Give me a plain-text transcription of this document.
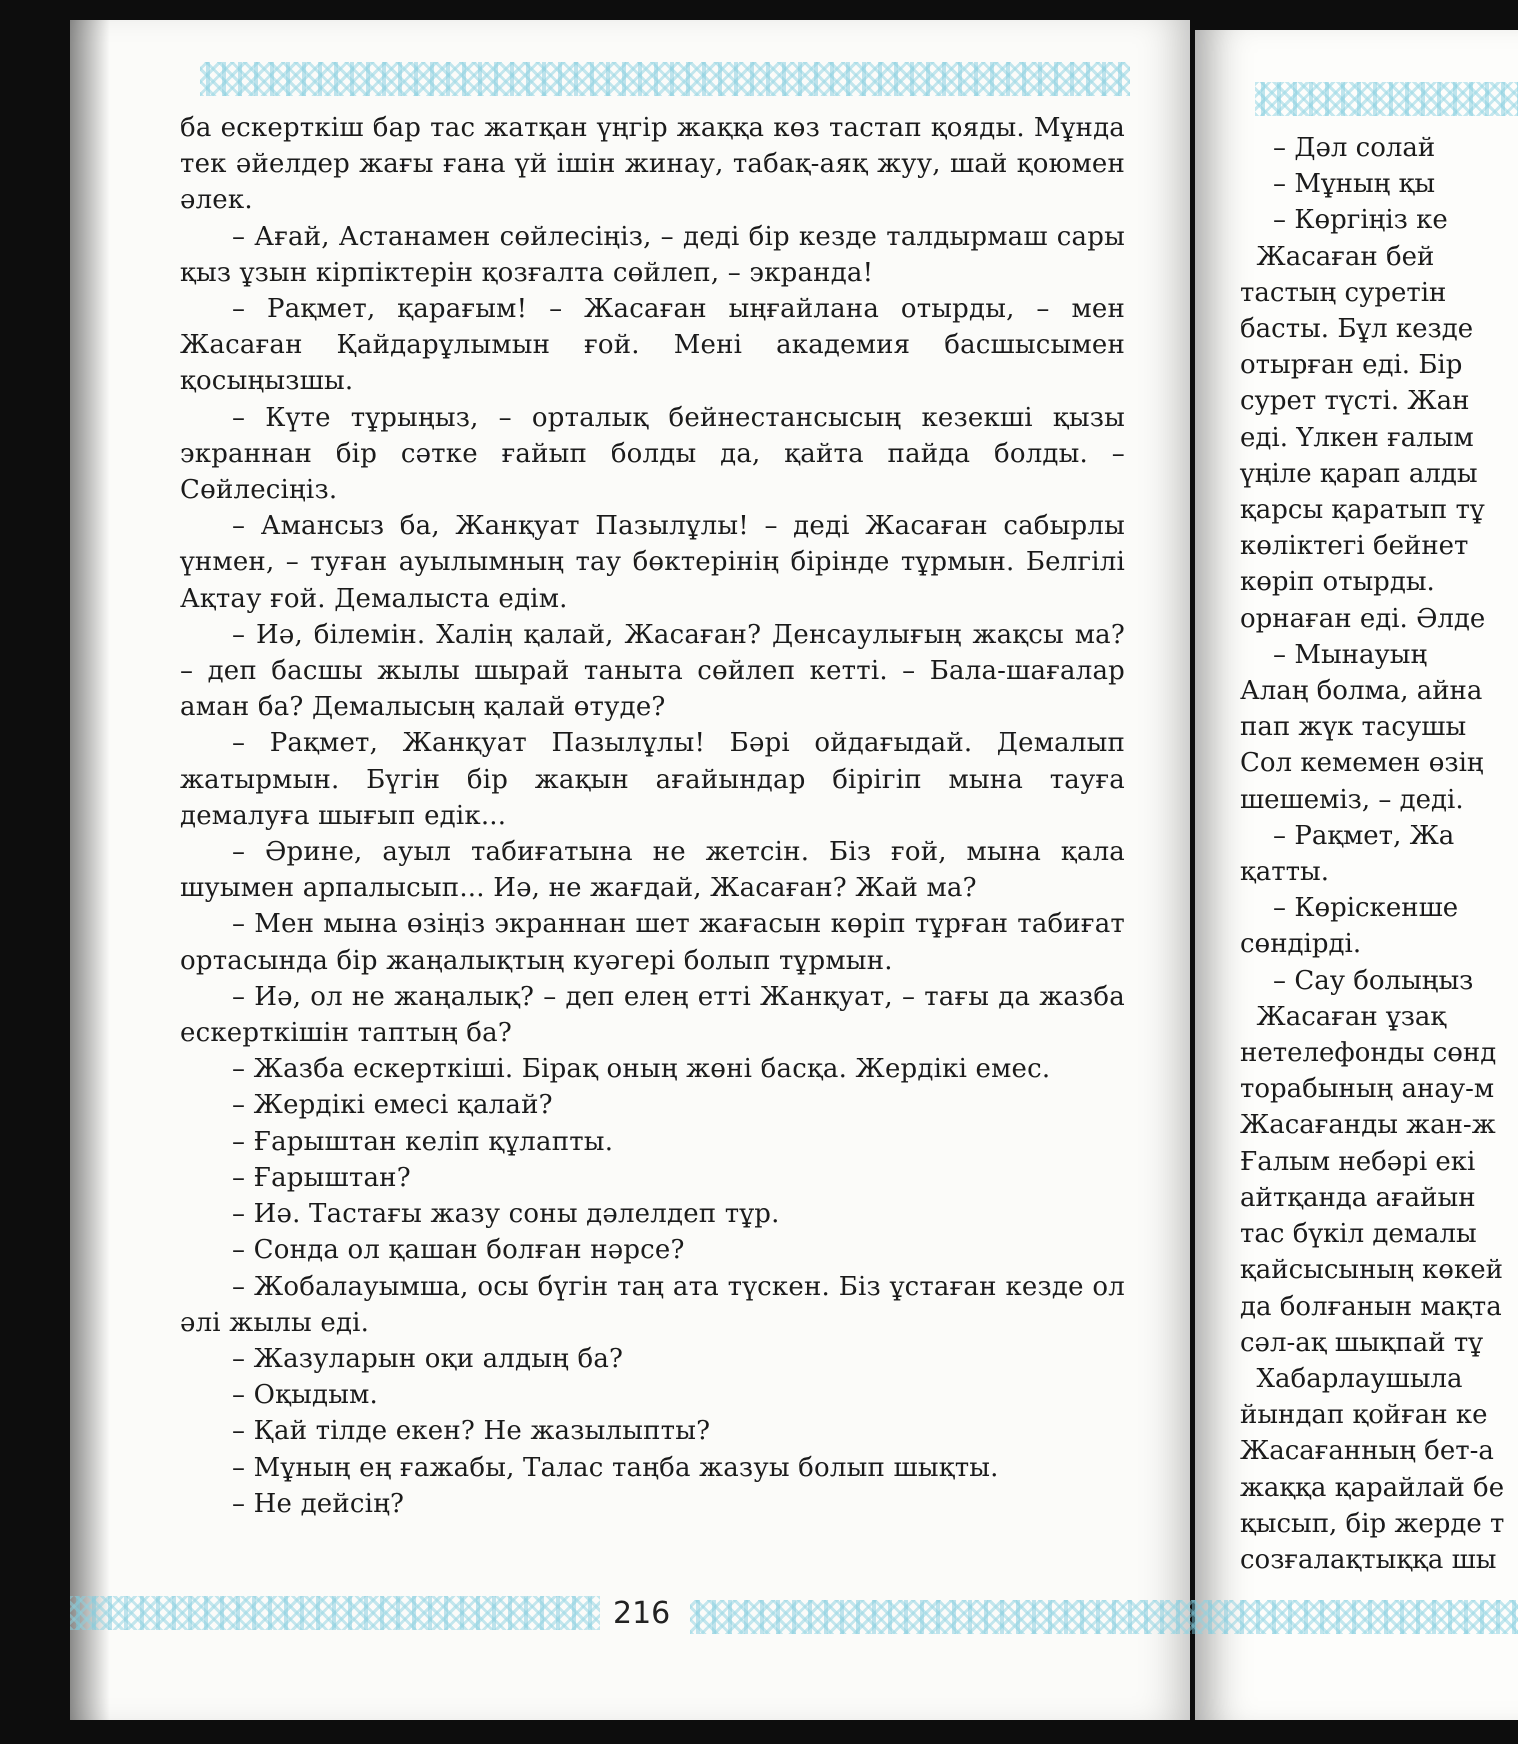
ба ескерткіш бар тас жатқан үңгір жаққа көз тастап қояды. Мұнда тек әйелдер жағы ғана үй ішін жинау, табақ-аяқ жуу, шай қоюмен әлек.

– Ағай, Астанамен сөйлесіңіз, – деді бір кезде талдырмаш сары қыз ұзын кірпіктерін қозғалта сөйлеп, – экранда!

– Рақмет, қарағым! – Жасаған ыңғайлана отырды, – мен Жасаған Қайдарұлымын ғой. Мені академия басшысымен қосыңызшы.

– Күте тұрыңыз, – орталық бейнестансысың кезекші қызы экраннан бір сәтке ғайып болды да, қайта пайда болды. – Сөйлесіңіз.

– Амансыз ба, Жанқуат Пазылұлы! – деді Жасаған сабырлы үнмен, – туған ауылымның тау бөктерінің бірінде тұрмын. Белгілі Ақтау ғой. Демалыста едім.

– Иә, білемін. Халің қалай, Жасаған? Денсаулығың жақсы ма? – деп басшы жылы шырай таныта сөйлеп кетті. – Бала-шағалар аман ба? Демалысың қалай өтуде?

– Рақмет, Жанқуат Пазылұлы! Бәрі ойдағыдай. Демалып жатырмын. Бүгін бір жақын ағайындар бірігіп мына тауға демалуға шығып едік...

– Әрине, ауыл табиғатына не жетсін. Біз ғой, мына қала шуымен арпалысып... Иә, не жағдай, Жасаған? Жай ма?

– Мен мына өзіңіз экраннан шет жағасын көріп тұрған табиғат ортасында бір жаңалықтың куәгері болып тұрмын.

– Иә, ол не жаңалық? – деп елең етті Жанқуат, – тағы да жазба ескерткішін таптың ба?

– Жазба ескерткіші. Бірақ оның жөні басқа. Жердікі емес.

– Жердікі емесі қалай?

– Ғарыштан келіп құлапты.

– Ғарыштан?

– Иә. Тастағы жазу соны дәлелдеп тұр.

– Сонда ол қашан болған нәрсе?

– Жобалауымша, осы бүгін таң ата түскен. Біз ұстаған кезде ол әлі жылы еді.

– Жазуларын оқи алдың ба?

– Оқыдым.

– Қай тілде екен? Не жазылыпты?

– Мұның ең ғажабы, Талас таңба жазуы болып шықты.

– Не дейсің?

– Дәл солай

– Мұның қы

– Көргіңіз ке

Жасаған бей

тастың суретін

басты. Бұл кезде

отырған еді. Бір

сурет түсті. Жан

еді. Үлкен ғалым

үңіле қарап алды

қарсы қаратып тұ

көліктегі бейнет

көріп отырды.

орнаған еді. Әлде

– Мынауың

Алаң болма, айна

пап жүк тасушы

Сол кемемен өзің

шешеміз, – деді.

– Рақмет, Жа

қатты.

– Көріскенше

сөндірді.

– Сау болыңыз

Жасаған ұзақ

нетелефонды сөнд

торабының анау-м

Жасағанды жан-ж

Ғалым небәрі екі

айтқанда ағайын

тас бүкіл демалы

қайсысының көкей

да болғанын мақта

сәл-ақ шықпай тұ

Хабарлаушыла

йындап қойған ке

Жасағанның бет-а

жаққа қарайлай бе

қысып, бір жерде т

созғалақтыққа шы

216
